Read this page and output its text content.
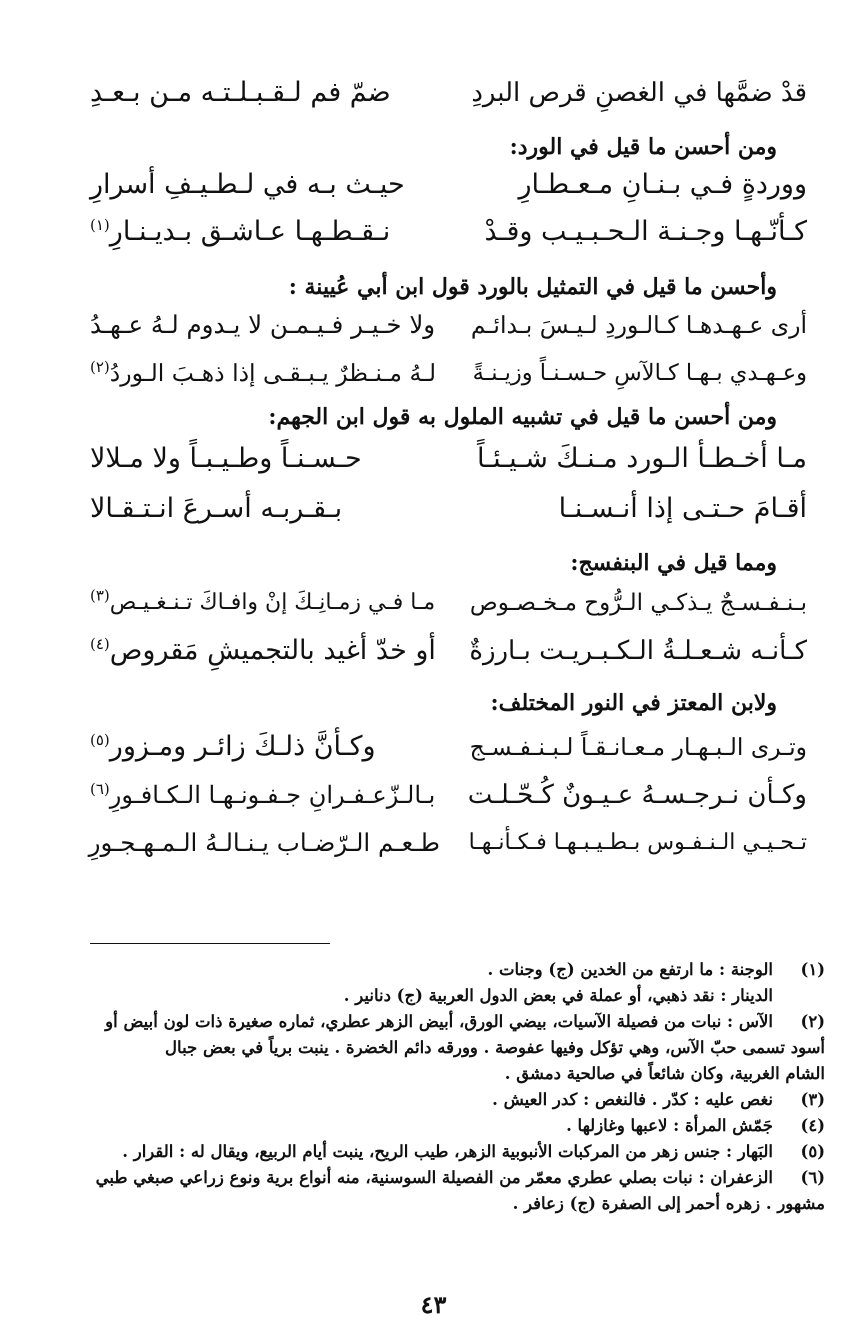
قدْ ضمَّها في الغصنِ قرص البردِ
ضمّ فم لـقـبـلـتـه مـن بـعـدِ
ومن أحسن ما قيل في الورد:
ووردةٍ فـي بـنـانِ مـعـطـارِ
حيـث بـه في لـطـيـفِ أسرارِ
كـأنّـهـا وجـنـة الـحـبـيـب وقـدْ
نـقـطـهـا عـاشـق بـديـنـارِ$^{(١)}$
وأحسن ما قيل في التمثيل بالورد قول ابن أبي عُيينة :
أرى عـهـدهـا كـالـوردِ لـيـسَ بـدائـم
ولا خـيـر فـيـمـن لا يـدوم لـهُ عـهـدُ
وعـهـدي بـهـا كـالآسِ حـسـنـاً وزيـنـةً
لـهُ مـنـظرٌ يـبـقـى إذا ذهـبَ الـوردُ$^{(٢)}$
ومن أحسن ما قيل في تشبيه الملول به قول ابن الجهم:
مـا أخـطـأ الـورد مـنـكَ شـيـئـاً
حـسـنـاً وطـيـبـاً ولا مـلالا
أقـامَ حـتـى إذا أنـسـنـا
بـقـربـه أسـرعَ انـتـقـالا
ومما قيل في البنفسج:
بـنـفـسـجٌ يـذكـي الـرُّوح مـخـصـوص
مـا فـي زمـانِـكَ إنْ وافـاكَ تـنـغـيـص$^{(٣)}$
كـأنـه شـعـلـةُ الـكـبـريـت بـارزةٌ
أو خدّ أغيد بالتجميشِ مَقروص$^{(٤)}$
ولابن المعتز في النور المختلف:
وتـرى الـبـهـار مـعـانـقـاً لـبـنـفـسـج
وكـأنَّ ذلـكَ زائـر ومـزور$^{(٥)}$
وكـأن نـرجـسـهُ عـيـونٌ كُـحّـلـت
بـالـزّعـفـرانِ جـفـونـهـا الـكـافـورِ$^{(٦)}$
تـحـيـي الـنـفـوس بـطـيـبـهـا فـكـأنـهـا
طـعـم الـرّضـاب يـنـالـهُ الـمـهـجـورِ
(١)
الوجنة : ما ارتفع من الخدين (ج) وجنات .
الدينار : نقد ذهبي، أو عملة في بعض الدول العربية (ج) دنانير .
(٢)
الآس : نبات من فصيلة الآسيات، بيضي الورق، أبيض الزهر عطري، ثماره صغيرة ذات لون أبيض أو
أسود تسمى حبّ الآس، وهي تؤكل وفيها عفوصة . وورقه دائم الخضرة . ينبت برياً في بعض جبال
الشام الغربية، وكان شائعاً في صالحية دمشق .
(٣)
نغص عليه : كدّر . فالنغص : كدر العيش .
(٤)
جَمّش المرأة : لاعبها وغازلها .
(٥)
البَهار : جنس زهر من المركبات الأنبوبية الزهر، طيب الريح، ينبت أيام الربيع، ويقال له : القرار .
(٦)
الزعفران : نبات بصلي عطري معمّر من الفصيلة السوسنية، منه أنواع برية ونوع زراعي صبغي طبي
مشهور . زهره أحمر إلى الصفرة (ج) زعافر .
٤٣
